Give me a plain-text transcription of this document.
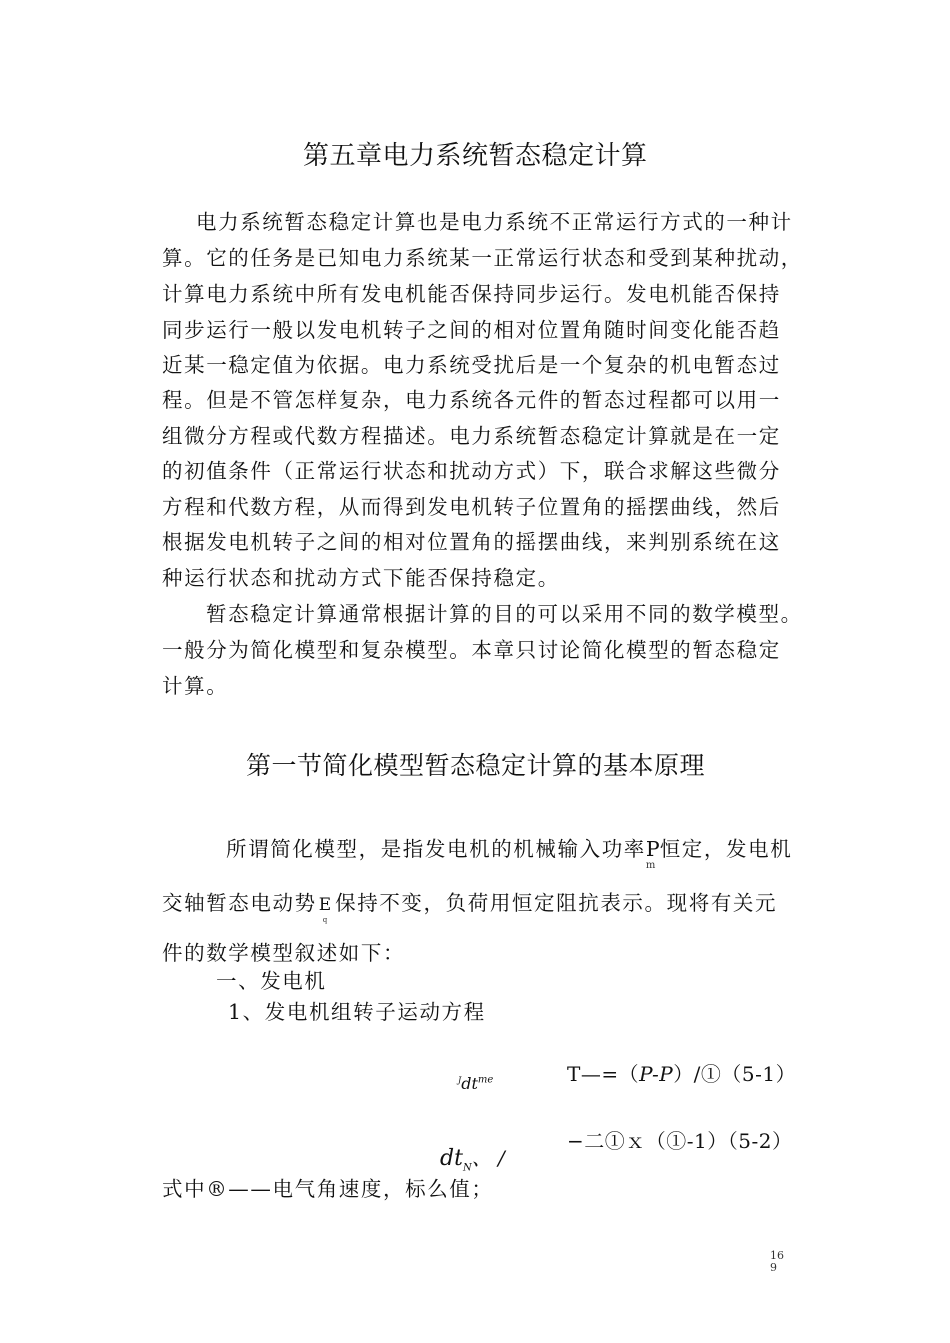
第五章电力系统暂态稳定计算
电力系统暂态稳定计算也是电力系统不正常运行方式的一种计
算。它的任务是已知电力系统某一正常运行状态和受到某种扰动，
计算电力系统中所有发电机能否保持同步运行。发电机能否保持
同步运行一般以发电机转子之间的相对位置角随时间变化能否趋
近某一稳定值为依据。电力系统受扰后是一个复杂的机电暂态过
程。但是不管怎样复杂，电力系统各元件的暂态过程都可以用一
组微分方程或代数方程描述。电力系统暂态稳定计算就是在一定
的初值条件（正常运行状态和扰动方式）下，联合求解这些微分
方程和代数方程，从而得到发电机转子位置角的摇摆曲线，然后
根据发电机转子之间的相对位置角的摇摆曲线，来判别系统在这
种运行状态和扰动方式下能否保持稳定。
暂态稳定计算通常根据计算的目的可以采用不同的数学模型。
一般分为简化模型和复杂模型。本章只讨论简化模型的暂态稳定
计算。
第一节简化模型暂态稳定计算的基本原理
所谓简化模型，是指发电机的机械输入功率P
m
恒定，发电机
交轴暂态电动势 E
q
保持不变，负荷用恒定阻抗表示。现将有关元
件的数学模型叙述如下：
一、发电机
1、发电机组转子运动方程
T—=（P-P）/①（5-1）
$^Jdt^{me}$
−二①ｘ（①-1）（5-2）
$dt_N$、 /
式中®——电气角速度，标么值；
16
9
